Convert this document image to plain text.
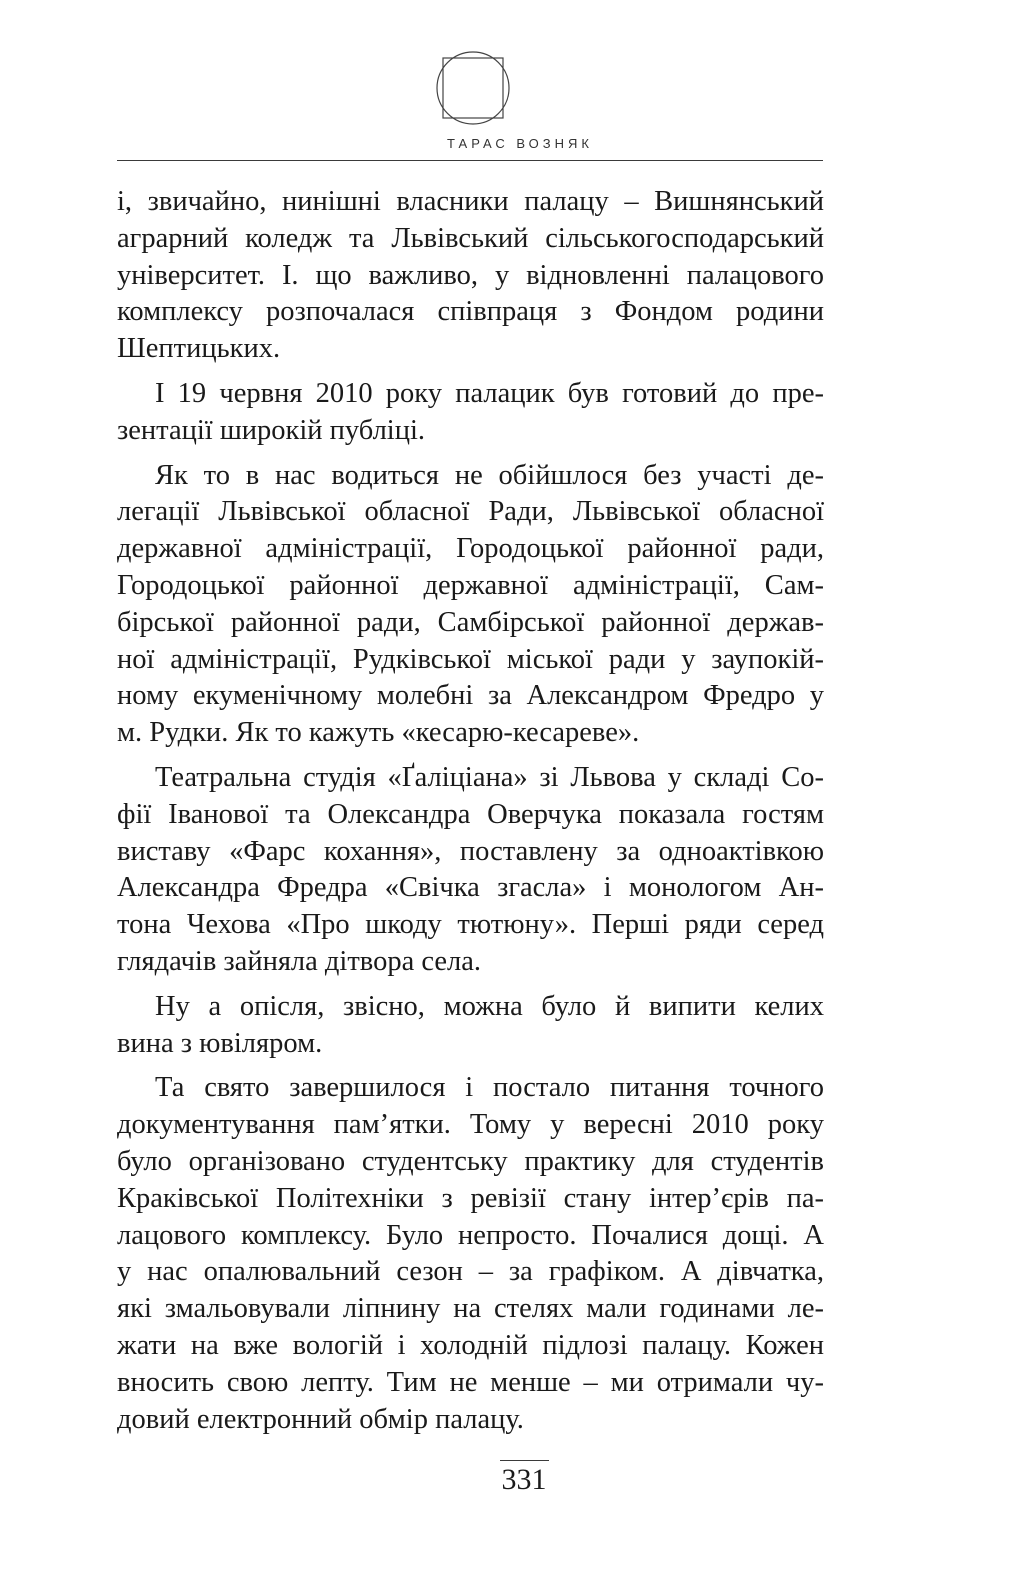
ТАРАС ВОЗНЯК
і, звичайно, нинішні власники палацу – Вишнянський
аграрний коледж та Львівський сільськогосподарський
університет. І. що важливо, у відновленні палацового
комплексу розпочалася співпраця з Фондом родини
Шептицьких.
І 19 червня 2010 року палацик був готовий до пре-
зентації широкій публіці.
Як то в нас водиться не обійшлося без участі де-
легації Львівської обласної Ради, Львівської обласної
державної адміністрації, Городоцької районної ради,
Городоцької районної державної адміністрації, Сам-
бірської районної ради, Самбірської районної держав-
ної адміністрації, Рудківської міської ради у заупокій-
ному екуменічному молебні за Александром Фредро у
м. Рудки. Як то кажуть «кесарю-кесареве».
Театральна студія «Ґаліціана» зі Львова у складі Со-
фії Іванової та Олександра Оверчука показала гостям
виставу «Фарс кохання», поставлену за одноактівкою
Александра Фредра «Свічка згасла» і монологом Ан-
тона Чехова «Про шкоду тютюну». Перші ряди серед
глядачів зайняла дітвора села.
Ну а опісля, звісно, можна було й випити келих
вина з ювіляром.
Та свято завершилося і постало питання точного
документування пам’ятки. Тому у вересні 2010 року
було організовано студентську практику для студентів
Краківської Політехніки з ревізії стану інтер’єрів па-
лацового комплексу. Було непросто. Почалися дощі. А
у нас опалювальний сезон – за графіком. А дівчатка,
які змальовували ліпнину на стелях мали годинами ле-
жати на вже вологій і холодній підлозі палацу. Кожен
вносить свою лепту. Тим не менше – ми отримали чу-
довий електронний обмір палацу.
331
